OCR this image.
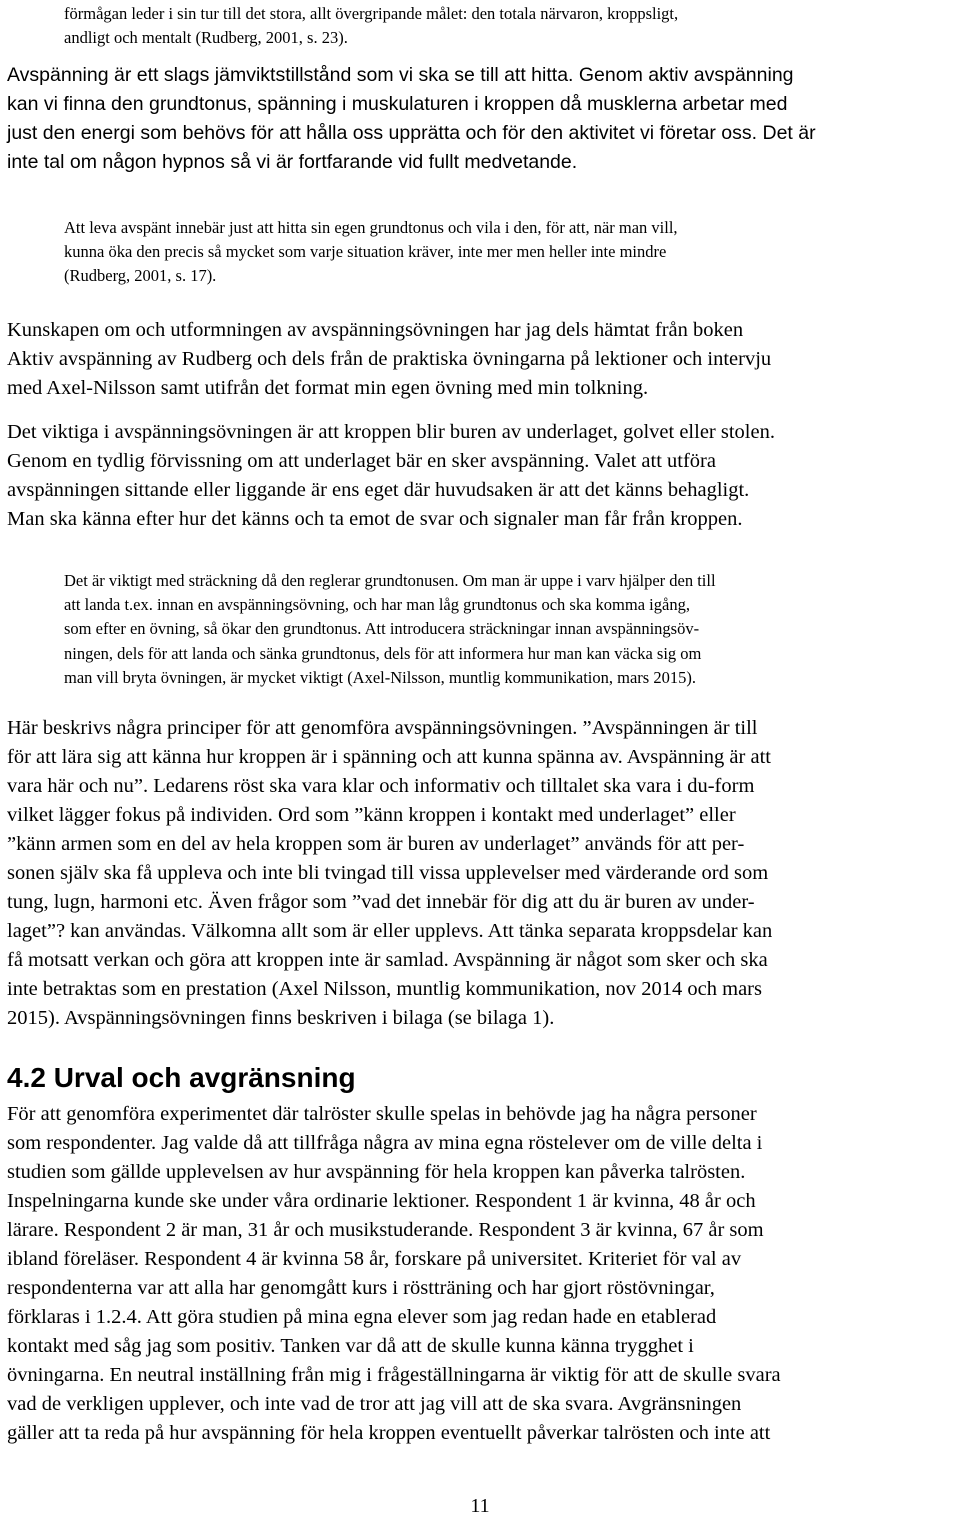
förmågan leder i sin tur till det stora, allt övergripande målet: den totala närvaron, kroppsligt,
andligt och mentalt (Rudberg, 2001, s. 23).
Avspänning är ett slags jämviktstillstånd som vi ska se till att hitta. Genom aktiv avspänning
kan vi finna den grundtonus, spänning i muskulaturen i kroppen då musklerna arbetar med
just den energi som behövs för att hålla oss upprätta och för den aktivitet vi företar oss. Det är
inte tal om någon hypnos så vi är fortfarande vid fullt medvetande.
Att leva avspänt innebär just att hitta sin egen grundtonus och vila i den, för att, när man vill,
kunna öka den precis så mycket som varje situation kräver, inte mer men heller inte mindre
(Rudberg, 2001, s. 17).
Kunskapen om och utformningen av avspänningsövningen har jag dels hämtat från boken
Aktiv avspänning av Rudberg och dels från de praktiska övningarna på lektioner och intervju
med Axel-Nilsson samt utifrån det format min egen övning med min tolkning.
Det viktiga i avspänningsövningen är att kroppen blir buren av underlaget, golvet eller stolen.
Genom en tydlig förvissning om att underlaget bär en sker avspänning. Valet att utföra
avspänningen sittande eller liggande är ens eget där huvudsaken är att det känns behagligt.
Man ska känna efter hur det känns och ta emot de svar och signaler man får från kroppen.
Det är viktigt med sträckning då den reglerar grundtonusen. Om man är uppe i varv hjälper den till
att landa t.ex. innan en avspänningsövning, och har man låg grundtonus och ska komma igång,
som efter en övning, så ökar den grundtonus. Att introducera sträckningar innan avspänningsöv-
ningen, dels för att landa och sänka grundtonus, dels för att informera hur man kan väcka sig om
man vill bryta övningen, är mycket viktigt (Axel-Nilsson, muntlig kommunikation, mars 2015).
Här beskrivs några principer för att genomföra avspänningsövningen. ”Avspänningen är till
för att lära sig att känna hur kroppen är i spänning och att kunna spänna av. Avspänning är att
vara här och nu”. Ledarens röst ska vara klar och informativ och tilltalet ska vara i du-form
vilket lägger fokus på individen. Ord som ”känn kroppen i kontakt med underlaget” eller
”känn armen som en del av hela kroppen som är buren av underlaget” används för att per-
sonen själv ska få uppleva och inte bli tvingad till vissa upplevelser med värderande ord som
tung, lugn, harmoni etc. Även frågor som ”vad det innebär för dig att du är buren av under-
laget”? kan användas. Välkomna allt som är eller upplevs. Att tänka separata kroppsdelar kan
få motsatt verkan och göra att kroppen inte är samlad. Avspänning är något som sker och ska
inte betraktas som en prestation (Axel Nilsson, muntlig kommunikation, nov 2014 och mars
2015). Avspänningsövningen finns beskriven i bilaga (se bilaga 1).
4.2 Urval och avgränsning
För att genomföra experimentet där talröster skulle spelas in behövde jag ha några personer
som respondenter. Jag valde då att tillfråga några av mina egna röstelever om de ville delta i
studien som gällde upplevelsen av hur avspänning för hela kroppen kan påverka talrösten.
Inspelningarna kunde ske under våra ordinarie lektioner. Respondent 1 är kvinna, 48 år och
lärare. Respondent 2 är man, 31 år och musikstuderande. Respondent 3 är kvinna, 67 år som
ibland föreläser. Respondent 4 är kvinna 58 år, forskare på universitet. Kriteriet för val av
respondenterna var att alla har genomgått kurs i röstträning och har gjort röstövningar,
förklaras i 1.2.4. Att göra studien på mina egna elever som jag redan hade en etablerad
kontakt med såg jag som positiv. Tanken var då att de skulle kunna känna trygghet i
övningarna. En neutral inställning från mig i frågeställningarna är viktig för att de skulle svara
vad de verkligen upplever, och inte vad de tror att jag vill att de ska svara. Avgränsningen
gäller att ta reda på hur avspänning för hela kroppen eventuellt påverkar talrösten och inte att
11
